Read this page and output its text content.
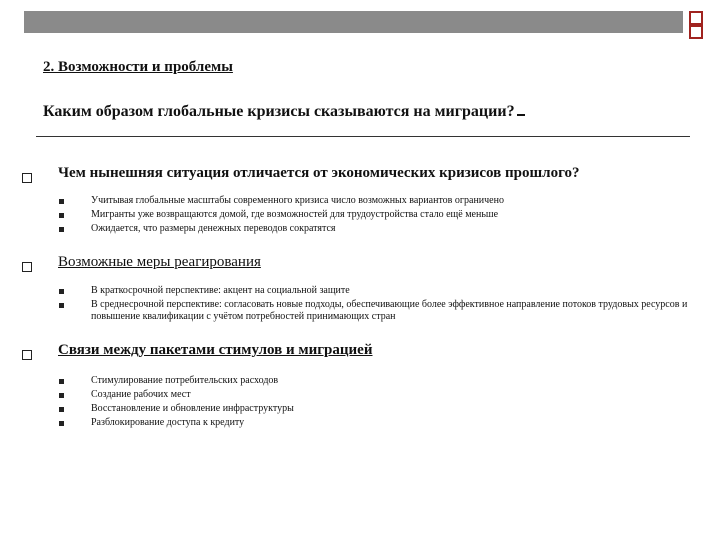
2. Возможности и проблемы
Каким образом глобальные кризисы сказываются на миграции?
Чем нынешняя ситуация отличается от экономических кризисов прошлого?
Учитывая глобальные масштабы современного кризиса число возможных вариантов ограничено
Мигранты уже возвращаются домой, где возможностей для трудоустройства стало ещё меньше
Ожидается, что размеры денежных переводов сократятся
Возможные меры реагирования
В краткосрочной перспективе: акцент на социальной защите
В среднесрочной перспективе: согласовать новые подходы, обеспечивающие более эффективное направление потоков трудовых ресурсов и повышение квалификации с учётом потребностей принимающих стран
Связи между пакетами стимулов и миграцией
Стимулирование потребительских расходов
Создание рабочих мест
Восстановление и обновление инфраструктуры
Разблокирование доступа к кредиту
